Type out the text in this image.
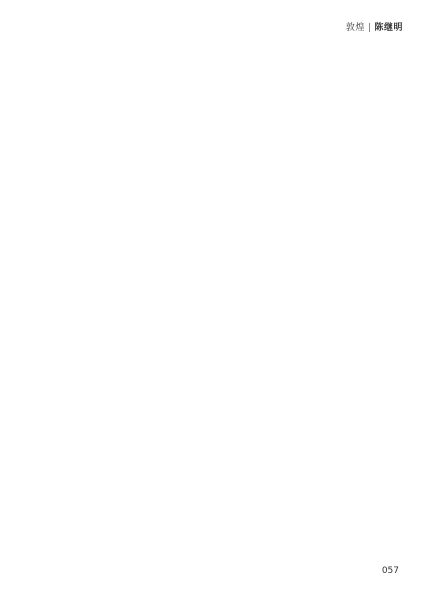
敦煌 | 陈继明

057
